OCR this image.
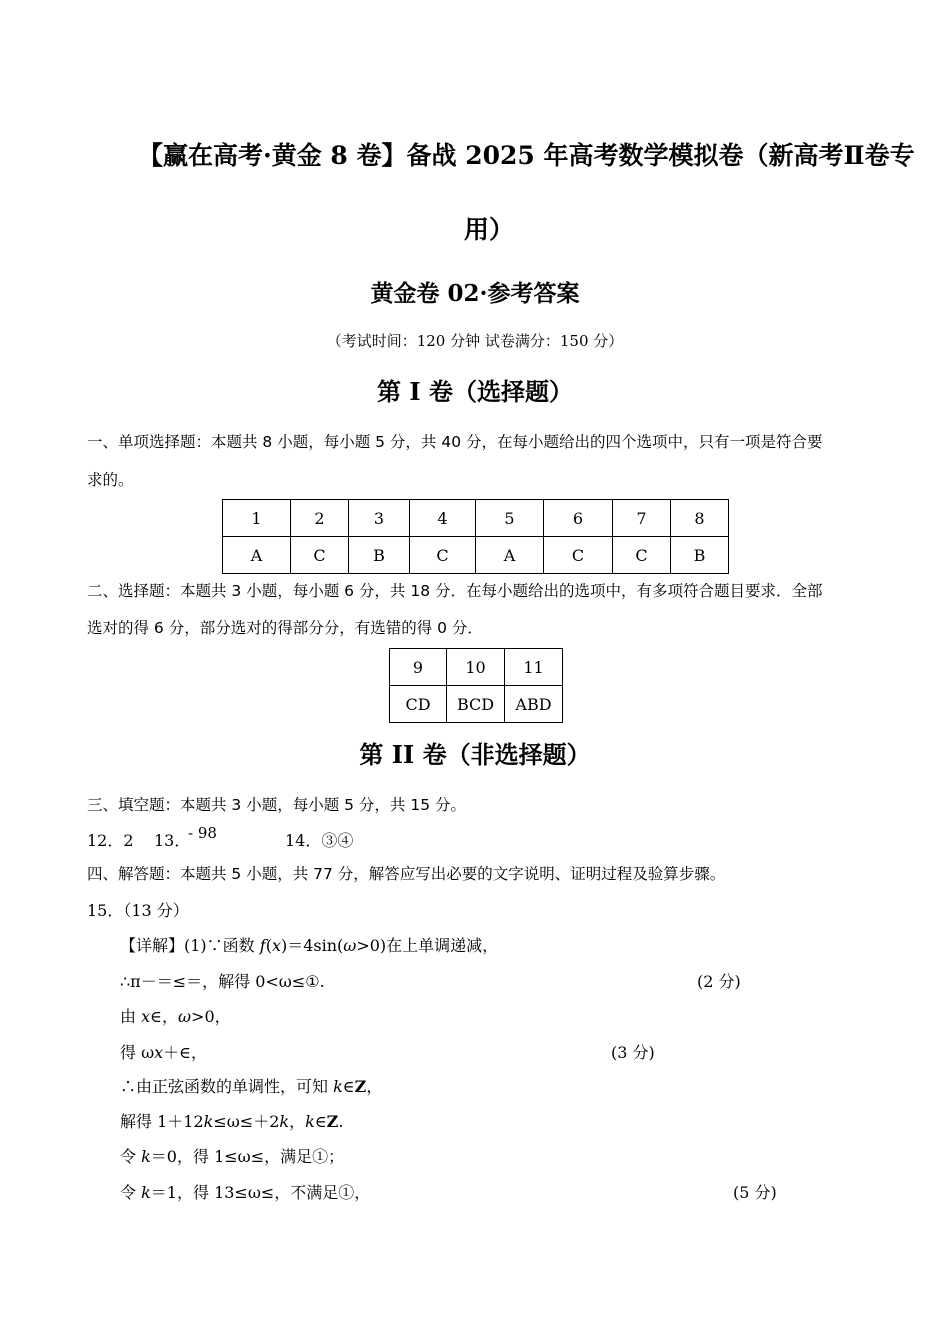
【赢在高考·黄金 8 卷】备战 2025 年高考数学模拟卷（新高考Ⅱ卷专
用）
黄金卷 02·参考答案
（考试时间：120 分钟 试卷满分：150 分）
第 I 卷（选择题）
一、单项选择题：本题共 8 小题，每小题 5 分，共 40 分，在每小题给出的四个选项中，只有一项是符合要
求的。
1	2	3	4	5	6	7	8
A	C	B	C	A	C	C	B
二、选择题：本题共 3 小题，每小题 6 分，共 18 分．在每小题给出的选项中，有多项符合题目要求．全部
选对的得 6 分，部分选对的得部分分，有选错的得 0 分．
9	10	11
CD	BCD	ABD
第 II 卷（非选择题）
三、填空题：本题共 3 小题，每小题 5 分，共 15 分。
12．2 13．
- 98	14．③④
四、解答题：本题共 5 小题，共 77 分，解答应写出必要的文字说明、证明过程及验算步骤。
15．（13 分）
【详解】(1)∵函数 f(x)＝4sin(ω>0)在上单调递减，
∴π－＝≤＝，解得 0<ω≤①.	(2 分)
由 x∈，ω>0，
得 ωx＋∈，	(3 分)
∴由正弦函数的单调性，可知 k∈Z，
解得 1＋12k≤ω≤＋2k，k∈Z.
令 k＝0，得 1≤ω≤，满足①；
令 k＝1，得 13≤ω≤，不满足①，	(5 分)
